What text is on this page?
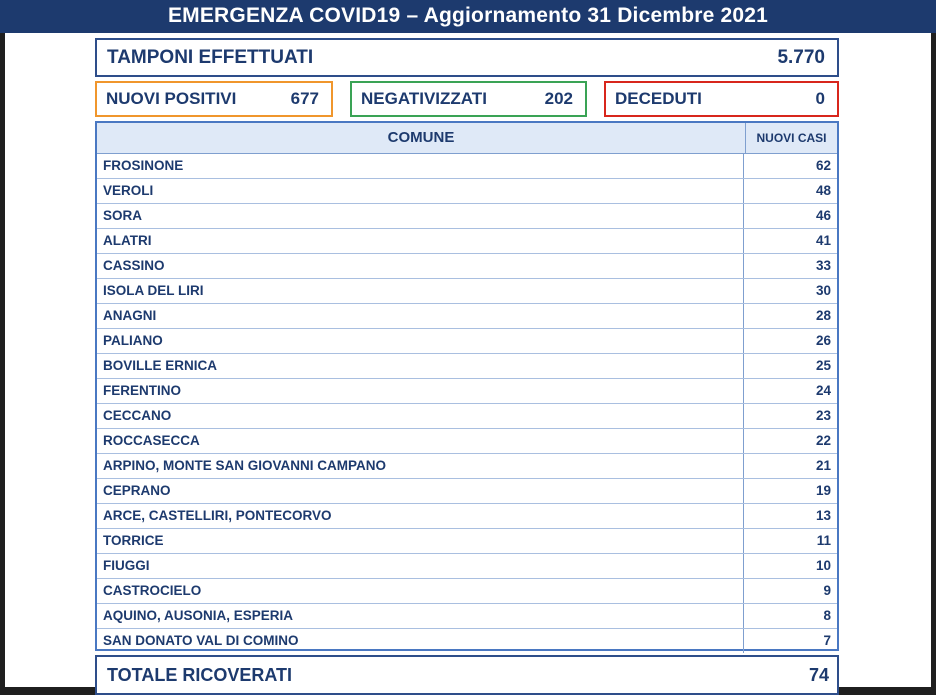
EMERGENZA COVID19 – Aggiornamento 31 Dicembre 2021
TAMPONI EFFETTUATI	5.770
NUOVI POSITIVI	677 NEGATIVIZZATI	202 DECEDUTI	0
COMUNE	NUOVI CASI
FROSINONE	62
VEROLI	48
SORA	46
ALATRI	41
CASSINO	33
ISOLA DEL LIRI	30
ANAGNI	28
PALIANO	26
BOVILLE ERNICA	25
FERENTINO	24
CECCANO	23
ROCCASECCA	22
ARPINO, MONTE SAN GIOVANNI CAMPANO	21
CEPRANO	19
ARCE, CASTELLIRI, PONTECORVO	13
TORRICE	11
FIUGGI	10
CASTROCIELO	9
AQUINO, AUSONIA, ESPERIA	8
SAN DONATO VAL DI COMINO	7
TOTALE RICOVERATI	74
